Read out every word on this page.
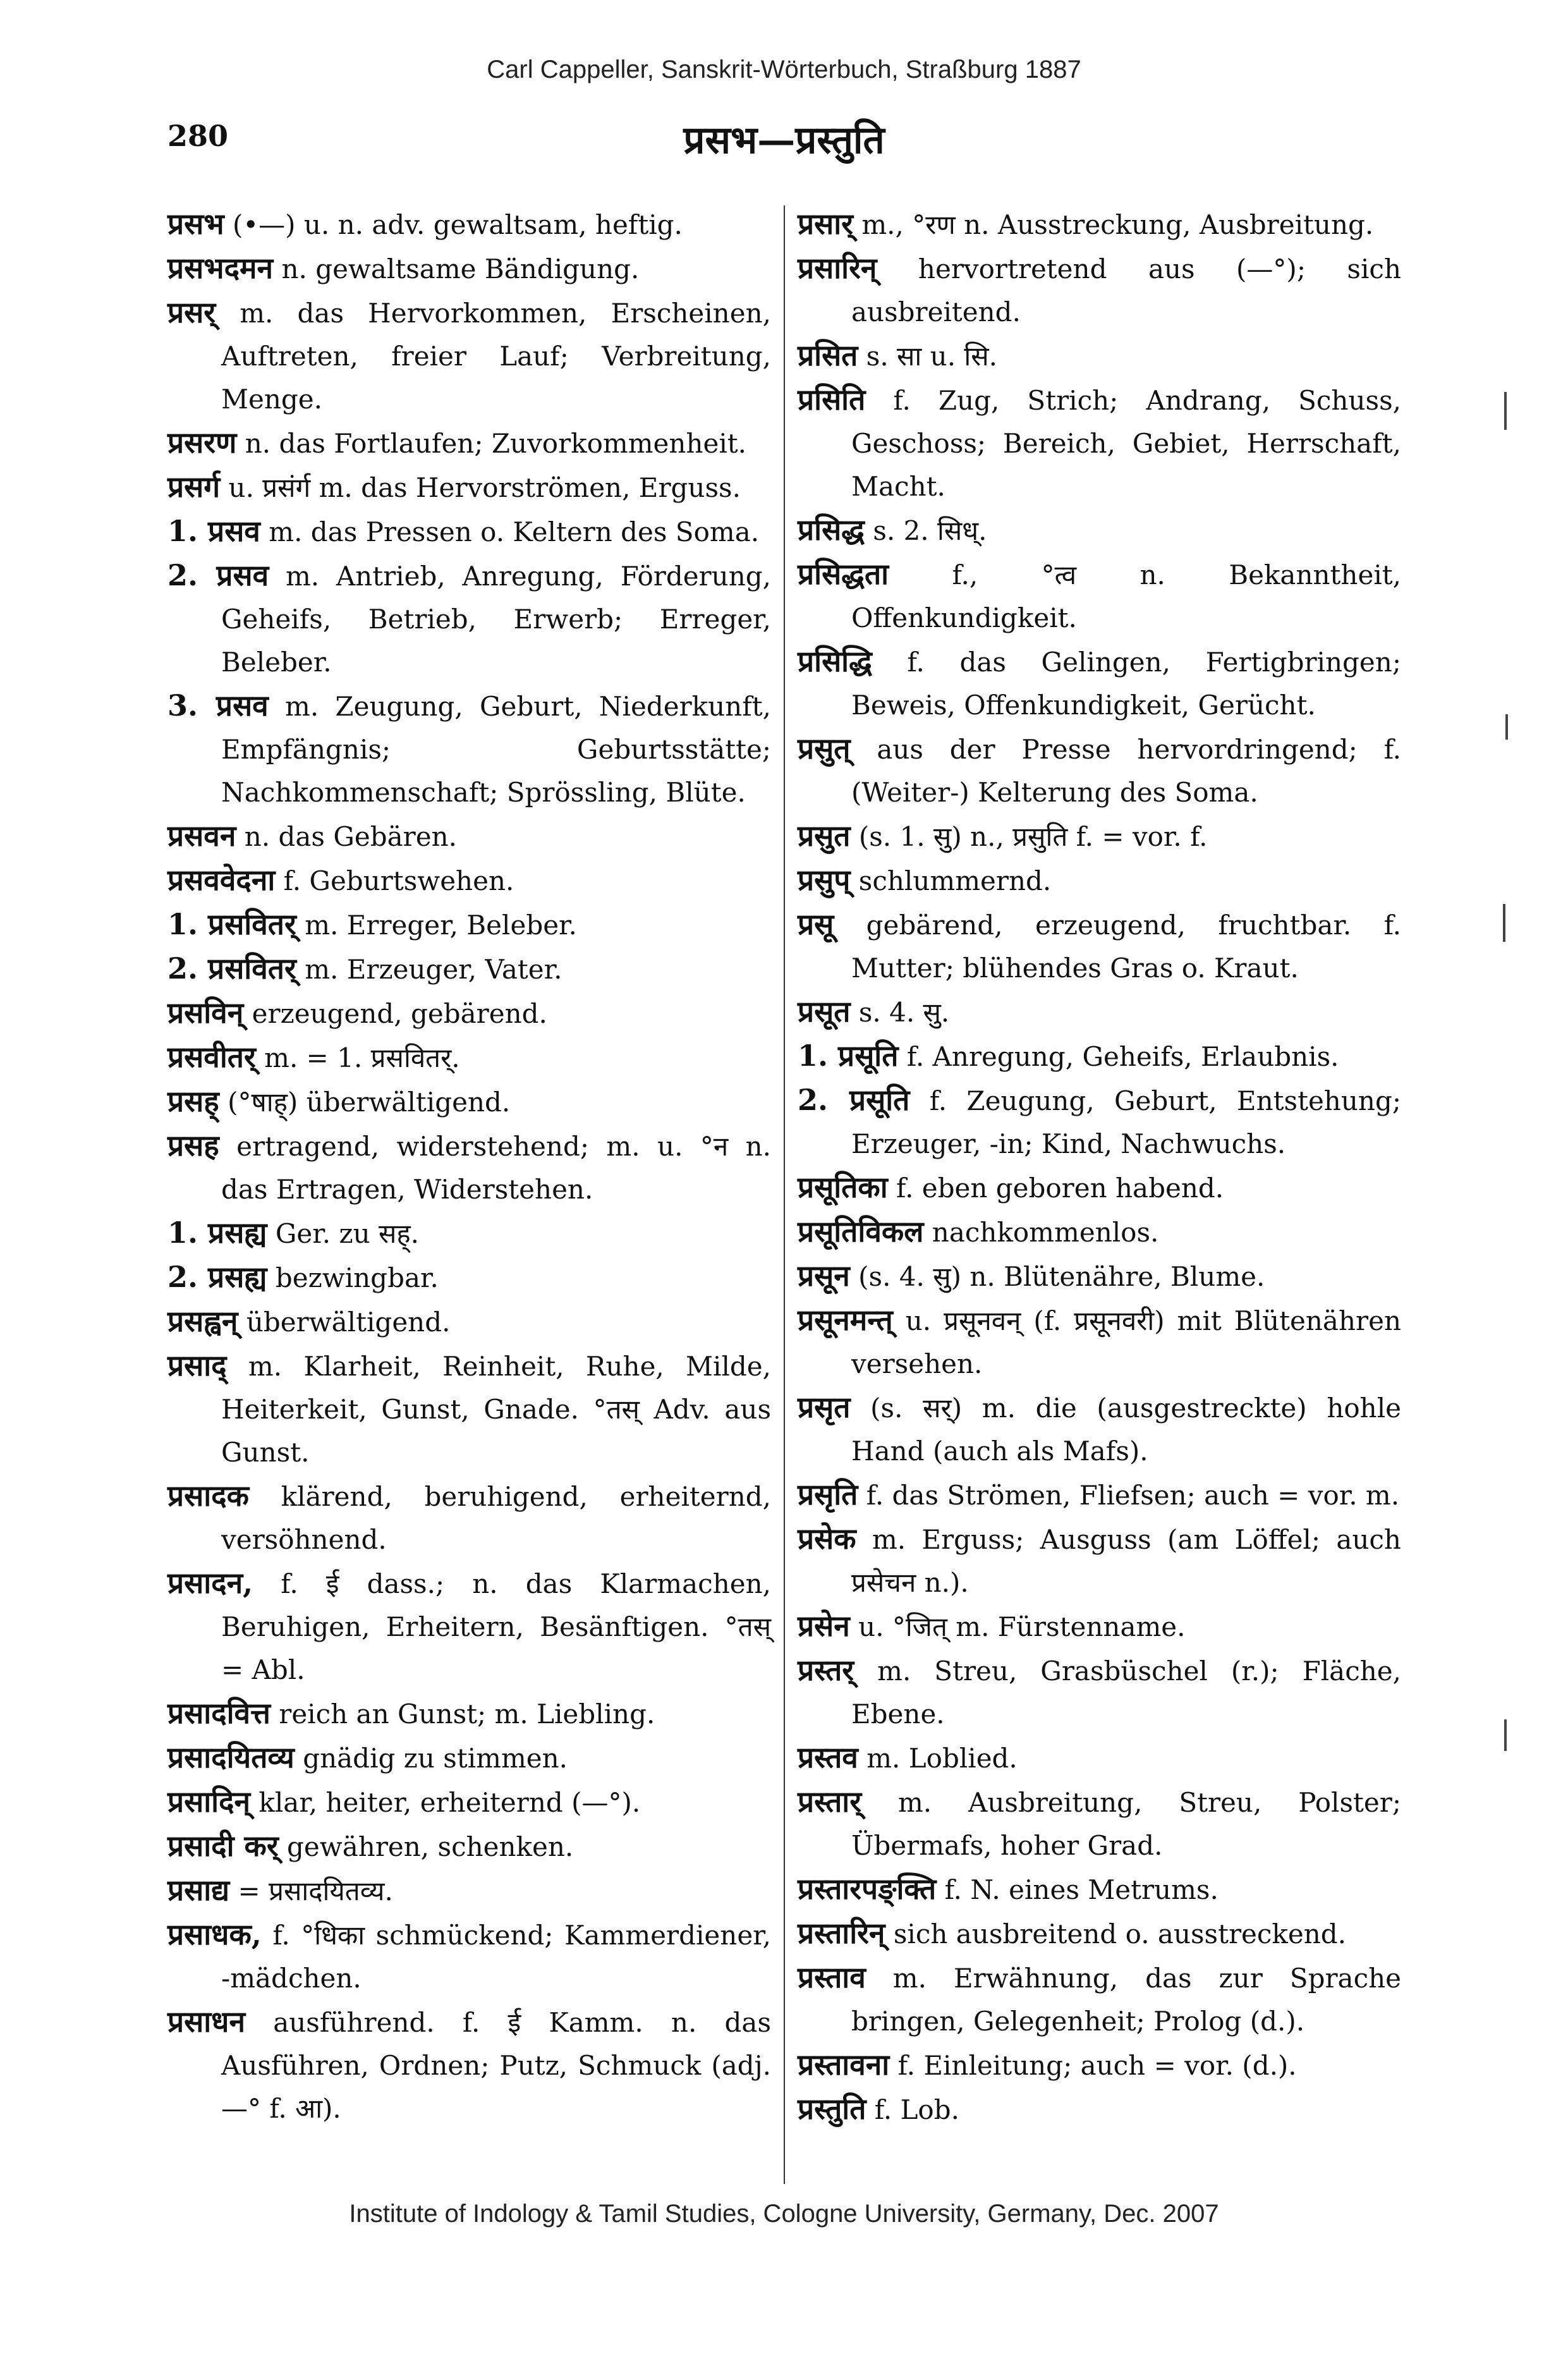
Carl Cappeller, Sanskrit-Wörterbuch, Straßburg 1887
280	प्रसभ—प्रस्तुति

प्रसभ (•—) u. n. adv. gewaltsam, heftig.

प्रसभदमन n. gewaltsame Bändigung.

प्रसर् m. das Hervorkommen, Erscheinen, Auftreten, freier Lauf; Verbreitung, Menge.

प्रसरण n. das Fortlaufen; Zuvorkommenheit.

प्रसर्ग u. प्रसंर्ग m. das Hervorströmen, Erguss.

1. प्रसव m. das Pressen o. Keltern des Soma.

2. प्रसव m. Antrieb, Anregung, Förderung, Geheifs, Betrieb, Erwerb; Erreger, Beleber.

3. प्रसव m. Zeugung, Geburt, Niederkunft, Empfängnis; Geburtsstätte; Nachkommenschaft; Sprössling, Blüte.

प्रसवन n. das Gebären.

प्रसववेदना f. Geburtswehen.

1. प्रसवितर् m. Erreger, Beleber.

2. प्रसवितर् m. Erzeuger, Vater.

प्रसविन् erzeugend, gebärend.

प्रसवीतर् m. = 1. प्रसवितर्.

प्रसह् (°षाह्) überwältigend.

प्रसह ertragend, widerstehend; m. u. °न n. das Ertragen, Widerstehen.

1. प्रसह्य Ger. zu सह्.

2. प्रसह्य bezwingbar.

प्रसह्वन् überwältigend.

प्रसाद् m. Klarheit, Reinheit, Ruhe, Milde, Heiterkeit, Gunst, Gnade. °तस् Adv. aus Gunst.

प्रसादक klärend, beruhigend, erheiternd, versöhnend.

प्रसादन, f. ई dass.; n. das Klarmachen, Beruhigen, Erheitern, Besänftigen. °तस् = Abl.

प्रसादवित्त reich an Gunst; m. Liebling.

प्रसादयितव्य gnädig zu stimmen.

प्रसादिन् klar, heiter, erheiternd (—°).

प्रसादी कर् gewähren, schenken.

प्रसाद्य = प्रसादयितव्य.

प्रसाधक, f. °धिका schmückend; Kammerdiener, -mädchen.

प्रसाधन ausführend. f. ई Kamm. n. das Ausführen, Ordnen; Putz, Schmuck (adj. —° f. आ).

प्रसार् m., °रण n. Ausstreckung, Ausbreitung.

प्रसारिन् hervortretend aus (—°); sich ausbreitend.

प्रसित s. सा u. सि.

प्रसिति f. Zug, Strich; Andrang, Schuss, Geschoss; Bereich, Gebiet, Herrschaft, Macht.

प्रसिद्ध s. 2. सिध्.

प्रसिद्धता f., °त्व n. Bekanntheit, Offenkundigkeit.

प्रसिद्धि f. das Gelingen, Fertigbringen; Beweis, Offenkundigkeit, Gerücht.

प्रसुत् aus der Presse hervordringend; f. (Weiter-) Kelterung des Soma.

प्रसुत (s. 1. सु) n., प्रसुति f. = vor. f.

प्रसुप् schlummernd.

प्रसू gebärend, erzeugend, fruchtbar. f. Mutter; blühendes Gras o. Kraut.

प्रसूत s. 4. सु.

1. प्रसूति f. Anregung, Geheifs, Erlaubnis.

2. प्रसूति f. Zeugung, Geburt, Entstehung; Erzeuger, -in; Kind, Nachwuchs.

प्रसूतिका f. eben geboren habend.

प्रसूतिविकल nachkommenlos.

प्रसून (s. 4. सु) n. Blütenähre, Blume.

प्रसूनमन्त् u. प्रसूनवन् (f. प्रसूनवरी) mit Blütenähren versehen.

प्रसृत (s. सर्) m. die (ausgestreckte) hohle Hand (auch als Mafs).

प्रसृति f. das Strömen, Fliefsen; auch = vor. m.

प्रसेक m. Erguss; Ausguss (am Löffel; auch प्रसेचन n.).

प्रसेन u. °जित् m. Fürstenname.

प्रस्तर् m. Streu, Grasbüschel (r.); Fläche, Ebene.

प्रस्तव m. Loblied.

प्रस्तार् m. Ausbreitung, Streu, Polster; Übermafs, hoher Grad.

प्रस्तारपङ्क्ति f. N. eines Metrums.

प्रस्तारिन् sich ausbreitend o. ausstreckend.

प्रस्ताव m. Erwähnung, das zur Sprache bringen, Gelegenheit; Prolog (d.).

प्रस्तावना f. Einleitung; auch = vor. (d.).

प्रस्तुति f. Lob.

Institute of Indology & Tamil Studies, Cologne University, Germany, Dec. 2007
